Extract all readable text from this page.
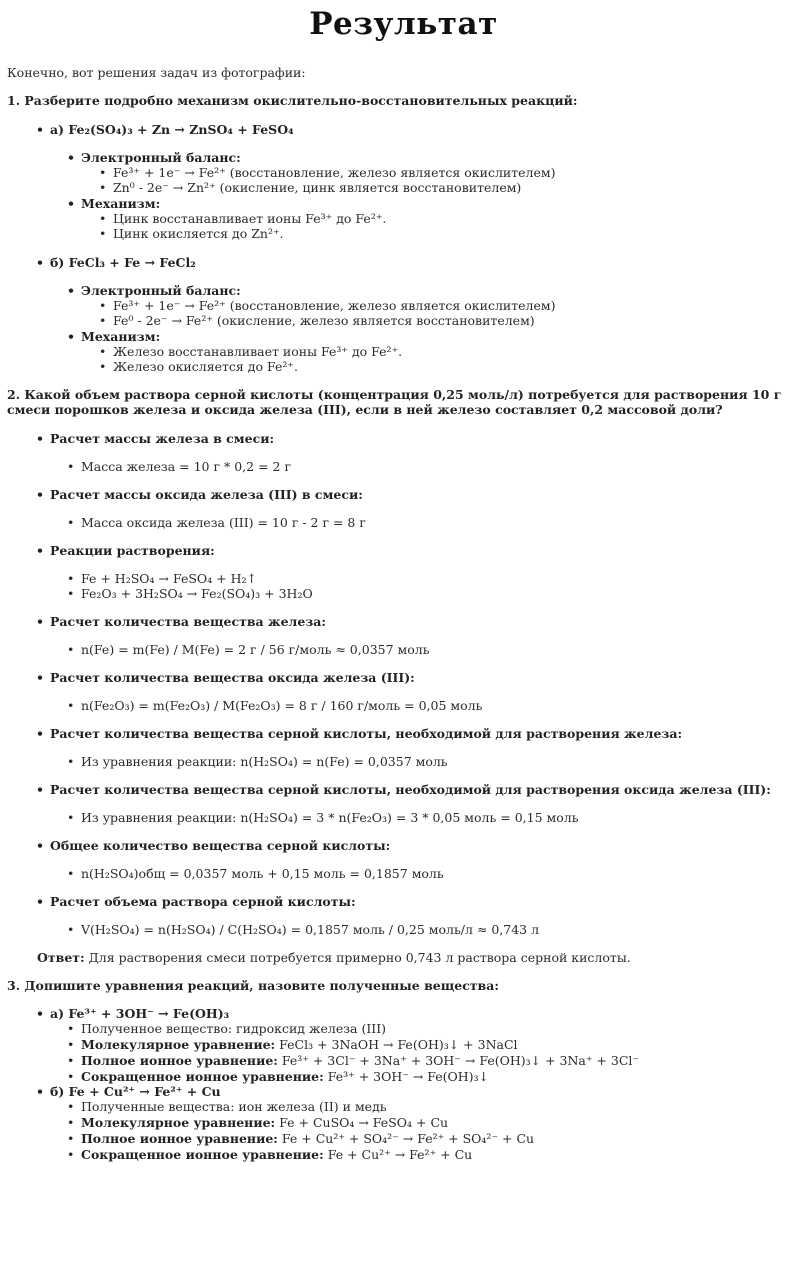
Результат
Конечно, вот решения задач из фотографии:
1. Разберите подробно механизм окислительно-восстановительных реакций:
• а) Fe₂(SO₄)₃ + Zn → ZnSO₄ + FeSO₄
• Электронный баланс:
• Fe³⁺ + 1e⁻ → Fe²⁺ (восстановление, железо является окислителем)
• Zn⁰ - 2e⁻ → Zn²⁺ (окисление, цинк является восстановителем)
• Механизм:
• Цинк восстанавливает ионы Fe³⁺ до Fe²⁺.
• Цинк окисляется до Zn²⁺.
• б) FeCl₃ + Fe → FeCl₂
• Электронный баланс:
• Fe³⁺ + 1e⁻ → Fe²⁺ (восстановление, железо является окислителем)
• Fe⁰ - 2e⁻ → Fe²⁺ (окисление, железо является восстановителем)
• Механизм:
• Железо восстанавливает ионы Fe³⁺ до Fe²⁺.
• Железо окисляется до Fe²⁺.
2. Какой объем раствора серной кислоты (концентрация 0,25 моль/л) потребуется для растворения 10 г
смеси порошков железа и оксида железа (III), если в ней железо составляет 0,2 массовой доли?
• Расчет массы железа в смеси:
• Масса железа = 10 г * 0,2 = 2 г
• Расчет массы оксида железа (III) в смеси:
• Масса оксида железа (III) = 10 г - 2 г = 8 г
• Реакции растворения:
• Fe + H₂SO₄ → FeSO₄ + H₂↑
• Fe₂O₃ + 3H₂SO₄ → Fe₂(SO₄)₃ + 3H₂O
• Расчет количества вещества железа:
• n(Fe) = m(Fe) / M(Fe) = 2 г / 56 г/моль ≈ 0,0357 моль
• Расчет количества вещества оксида железа (III):
• n(Fe₂O₃) = m(Fe₂O₃) / M(Fe₂O₃) = 8 г / 160 г/моль = 0,05 моль
• Расчет количества вещества серной кислоты, необходимой для растворения железа:
• Из уравнения реакции: n(H₂SO₄) = n(Fe) = 0,0357 моль
• Расчет количества вещества серной кислоты, необходимой для растворения оксида железа (III):
• Из уравнения реакции: n(H₂SO₄) = 3 * n(Fe₂O₃) = 3 * 0,05 моль = 0,15 моль
• Общее количество вещества серной кислоты:
• n(H₂SO₄)общ = 0,0357 моль + 0,15 моль = 0,1857 моль
• Расчет объема раствора серной кислоты:
• V(H₂SO₄) = n(H₂SO₄) / C(H₂SO₄) = 0,1857 моль / 0,25 моль/л ≈ 0,743 л
Ответ: Для растворения смеси потребуется примерно 0,743 л раствора серной кислоты.
3. Допишите уравнения реакций, назовите полученные вещества:
• а) Fe³⁺ + 3OH⁻ → Fe(OH)₃
• Полученное вещество: гидроксид железа (III)
• Молекулярное уравнение: FeCl₃ + 3NaOH → Fe(OH)₃↓ + 3NaCl
• Полное ионное уравнение: Fe³⁺ + 3Cl⁻ + 3Na⁺ + 3OH⁻ → Fe(OH)₃↓ + 3Na⁺ + 3Cl⁻
• Сокращенное ионное уравнение: Fe³⁺ + 3OH⁻ → Fe(OH)₃↓
• б) Fe + Cu²⁺ → Fe²⁺ + Cu
• Полученные вещества: ион железа (II) и медь
• Молекулярное уравнение: Fe + CuSO₄ → FeSO₄ + Cu
• Полное ионное уравнение: Fe + Cu²⁺ + SO₄²⁻ → Fe²⁺ + SO₄²⁻ + Cu
• Сокращенное ионное уравнение: Fe + Cu²⁺ → Fe²⁺ + Cu
